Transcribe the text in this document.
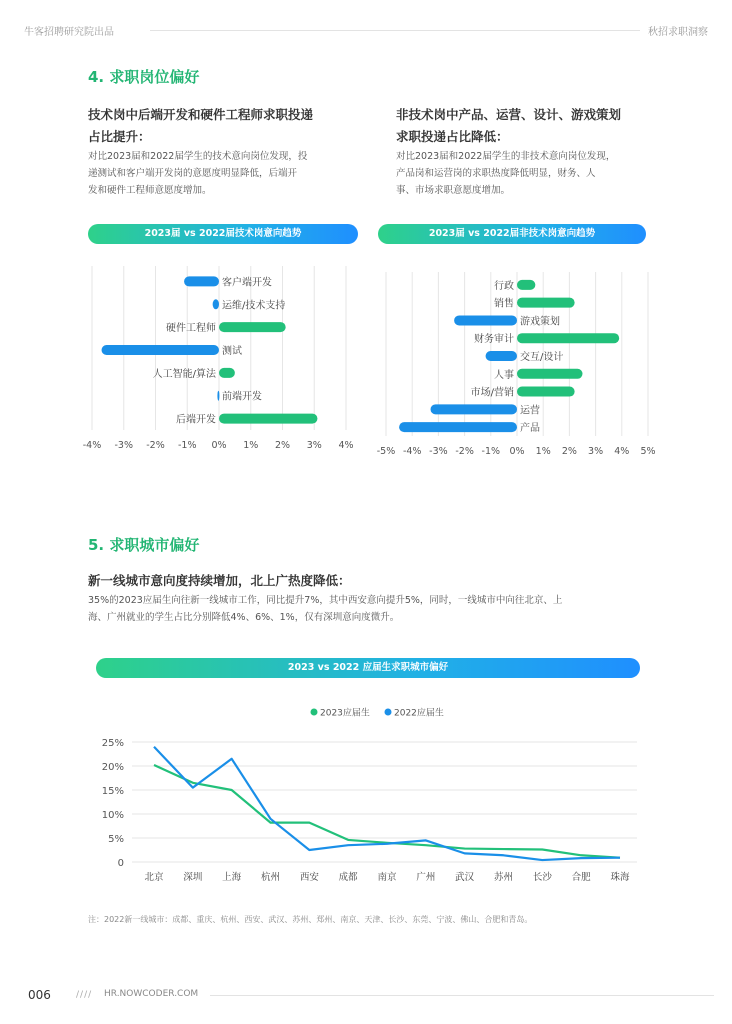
牛客招聘研究院出品	秋招求职洞察
4. 求职岗位偏好
技术岗中后端开发和硬件工程师求职投递
占比提升：
对比2023届和2022届学生的技术意向岗位发现，投
递测试和客户端开发岗的意愿度明显降低，后端开
发和硬件工程师意愿度增加。
非技术岗中产品、运营、设计、游戏策划
求职投递占比降低：
对比2023届和2022届学生的非技术意向岗位发现，
产品岗和运营岗的求职热度降低明显，财务、人
事、市场求职意愿度增加。
2023届 vs 2022届技术岗意向趋势	2023届 vs 2022届非技术岗意向趋势
-4% -3% -2% -1% 0% 1% 2% 3% 4%
客户端开发
运维/技术支持
硬件工程师
测试
人工智能/算法
前端开发
后端开发
-5% -4% -3% -2% -1% 0% 1% 2% 3% 4% 5%
行政
销售
游戏策划
财务审计
交互/设计
人事
市场/营销
运营
产品
5. 求职城市偏好
新一线城市意向度持续增加，北上广热度降低：
35%的2023应届生向往新一线城市工作，同比提升7%，其中西安意向提升5%，同时，一线城市中向往北京、上
海、广州就业的学生占比分别降低4%、6%、1%，仅有深圳意向度微升。
2023 vs 2022 应届生求职城市偏好
0
5%
10%
15%
20%
25%
北京 深圳 上海 杭州 西安 成都 南京 广州 武汉 苏州 长沙 合肥 珠海
2023应届生	2022应届生
注：2022新一线城市：成都、重庆、杭州、西安、武汉、苏州、郑州、南京、天津、长沙、东莞、宁波、佛山、合肥和青岛。
006	//// HR.NOWCODER.COM
